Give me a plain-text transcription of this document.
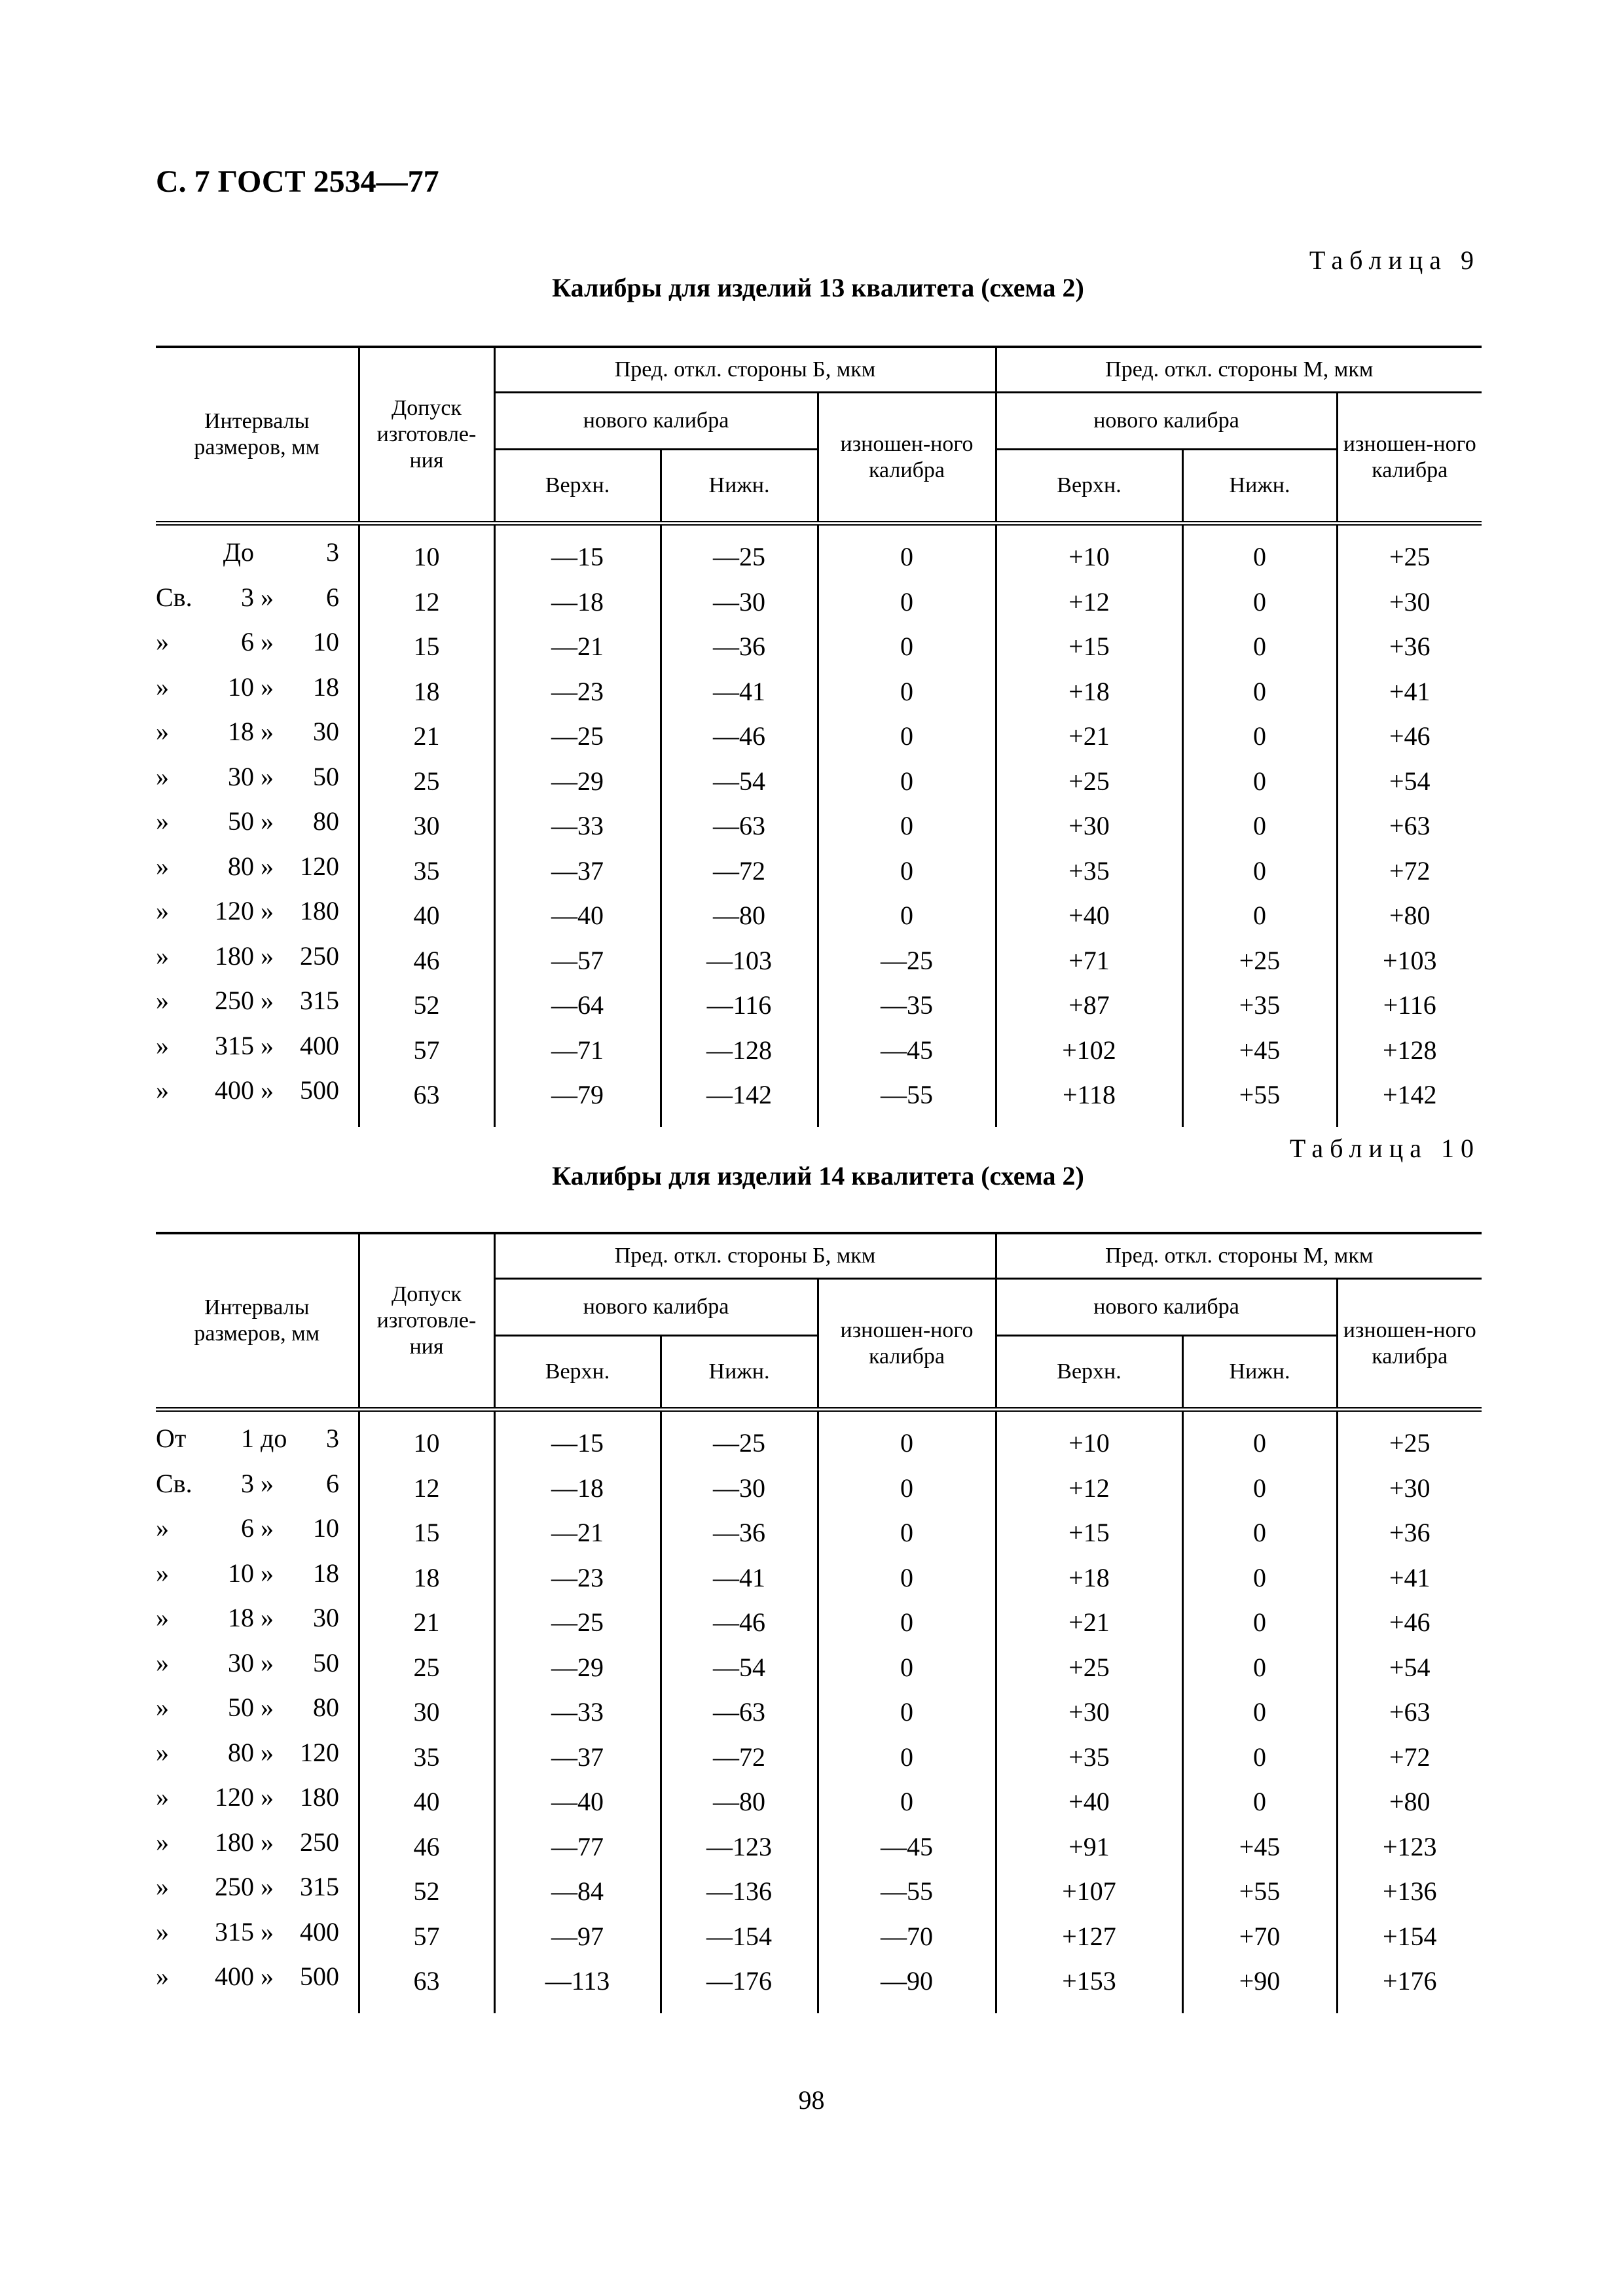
С. 7 ГОСТ 2534—77
Таблица 9
Калибры для изделий 13 квалитета (схема 2)
Интервалы размеров, мм	Допуск изготовле-ния	Пред. откл. стороны Б, мкм			Пред. откл. стороны М, мкм		
		нового калибра		изношен-ного калибра	нового калибра		изношен-ного калибра
		Верхн.	Нижн.		Верхн.	Нижн.	

До 3	10	—15	—25	0	+10	0	+25

Св. 3 » 6	12	—18	—30	0	+12	0	+30

» 6 » 10	15	—21	—36	0	+15	0	+36

» 10 » 18	18	—23	—41	0	+18	0	+41

» 18 » 30	21	—25	—46	0	+21	0	+46

» 30 » 50	25	—29	—54	0	+25	0	+54

» 50 » 80	30	—33	—63	0	+30	0	+63

» 80 » 120	35	—37	—72	0	+35	0	+72

» 120 » 180	40	—40	—80	0	+40	0	+80

» 180 » 250	46	—57	—103	—25	+71	+25	+103

» 250 » 315	52	—64	—116	—35	+87	+35	+116

» 315 » 400	57	—71	—128	—45	+102	+45	+128

» 400 » 500	63	—79	—142	—55	+118	+55	+142
Таблица 10
Калибры для изделий 14 квалитета (схема 2)
Интервалы размеров, мм	Допуск изготовле-ния	Пред. откл. стороны Б, мкм			Пред. откл. стороны М, мкм		
		нового калибра		изношен-ного калибра	нового калибра		изношен-ного калибра
		Верхн.	Нижн.		Верхн.	Нижн.	

От 1 до 3	10	—15	—25	0	+10	0	+25

Св. 3 » 6	12	—18	—30	0	+12	0	+30

» 6 » 10	15	—21	—36	0	+15	0	+36

» 10 » 18	18	—23	—41	0	+18	0	+41

» 18 » 30	21	—25	—46	0	+21	0	+46

» 30 » 50	25	—29	—54	0	+25	0	+54

» 50 » 80	30	—33	—63	0	+30	0	+63

» 80 » 120	35	—37	—72	0	+35	0	+72

» 120 » 180	40	—40	—80	0	+40	0	+80

» 180 » 250	46	—77	—123	—45	+91	+45	+123

» 250 » 315	52	—84	—136	—55	+107	+55	+136

» 315 » 400	57	—97	—154	—70	+127	+70	+154

» 400 » 500	63	—113	—176	—90	+153	+90	+176
98
